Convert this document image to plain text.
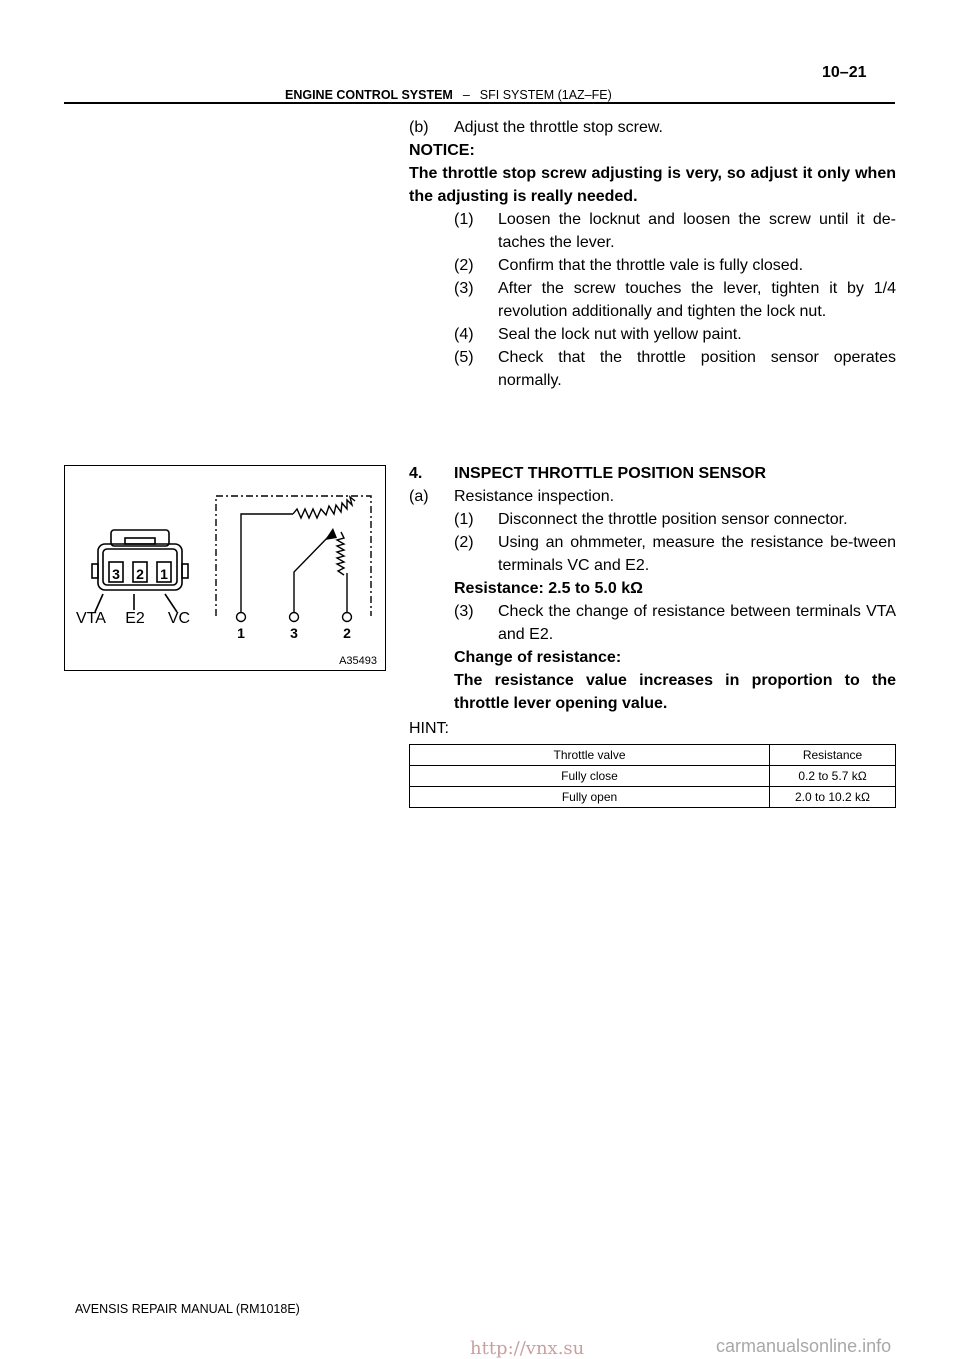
10–21
ENGINE CONTROL SYSTEM – SFI SYSTEM (1AZ–FE)
(b)	Adjust the throttle stop screw.

NOTICE:

The throttle stop screw adjusting is very, so adjust it only when the adjusting is really needed.

(1)	Loosen the locknut and loosen the screw until it de-taches the lever.
(2)	Confirm that the throttle vale is fully closed.
(3)	After the screw touches the lever, tighten it by 1/4 revolution additionally and tighten the lock nut.
(4)	Seal the lock nut with yellow paint.
(5)	Check that the throttle position sensor operates normally.
4.	INSPECT THROTTLE POSITION SENSOR
(a)	Resistance inspection.
(1)	Disconnect the throttle position sensor connector.
(2)	Using an ohmmeter, measure the resistance be-tween terminals VC and E2.

Resistance: 2.5 to 5.0 kΩ

(3)	Check the change of resistance between terminals VTA and E2.

Change of resistance:

The resistance value increases in proportion to the throttle lever opening value.

HINT:

3 2 1
VTA E2 VC
1	3	2
A35493
Throttle valve	Resistance
Fully close	0.2 to 5.7 kΩ
Fully open	2.0 to 10.2 kΩ
AVENSIS REPAIR MANUAL (RM1018E)
http://vnx.su	carmanualsonline.info
